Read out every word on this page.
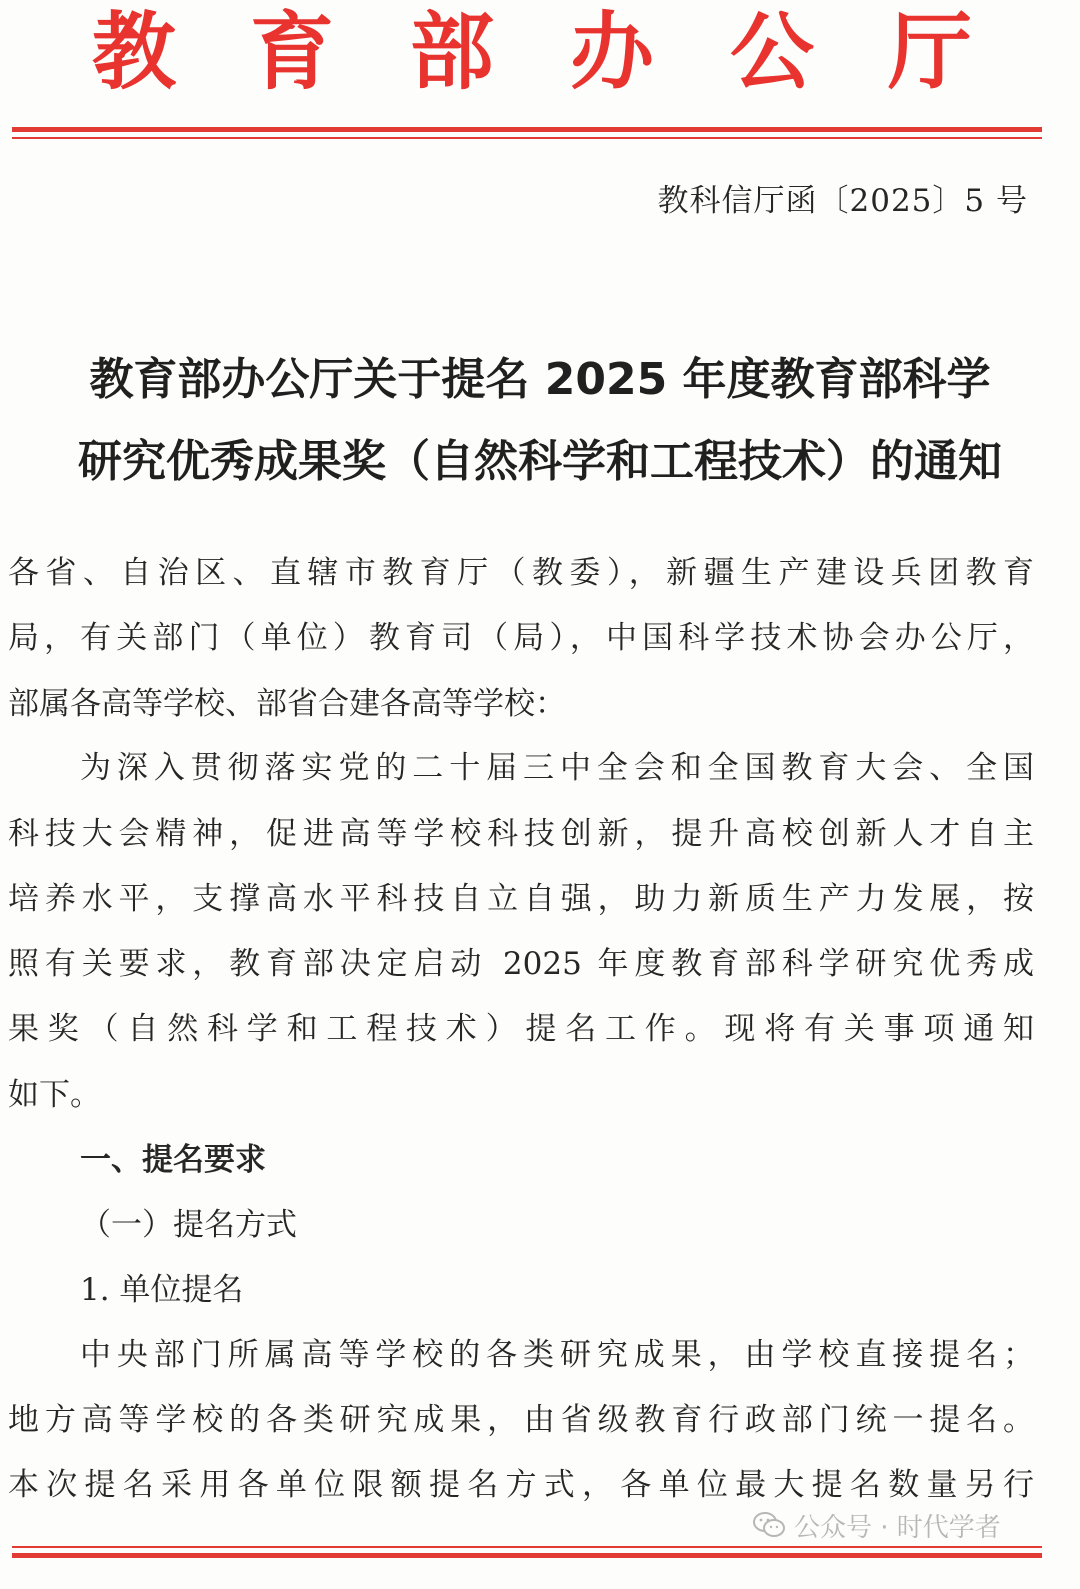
教 育 部 办 公 厅
教科信厅函〔2025〕5 号
教育部办公厅关于提名 2025 年度教育部科学
研究优秀成果奖（自然科学和工程技术）的通知
各省、自治区、直辖市教育厅（教委），新疆生产建设兵团教育
局，有关部门（单位）教育司（局），中国科学技术协会办公厅，
部属各高等学校、部省合建各高等学校：
为深入贯彻落实党的二十届三中全会和全国教育大会、全国
科技大会精神，促进高等学校科技创新，提升高校创新人才自主
培养水平，支撑高水平科技自立自强，助力新质生产力发展，按
照有关要求，教育部决定启动 2025 年度教育部科学研究优秀成
果奖（自然科学和工程技术）提名工作。现将有关事项通知
如下。
一、提名要求
（一）提名方式
1. 单位提名
中央部门所属高等学校的各类研究成果，由学校直接提名；
地方高等学校的各类研究成果，由省级教育行政部门统一提名。
本次提名采用各单位限额提名方式，各单位最大提名数量另行
公众号 · 时代学者
